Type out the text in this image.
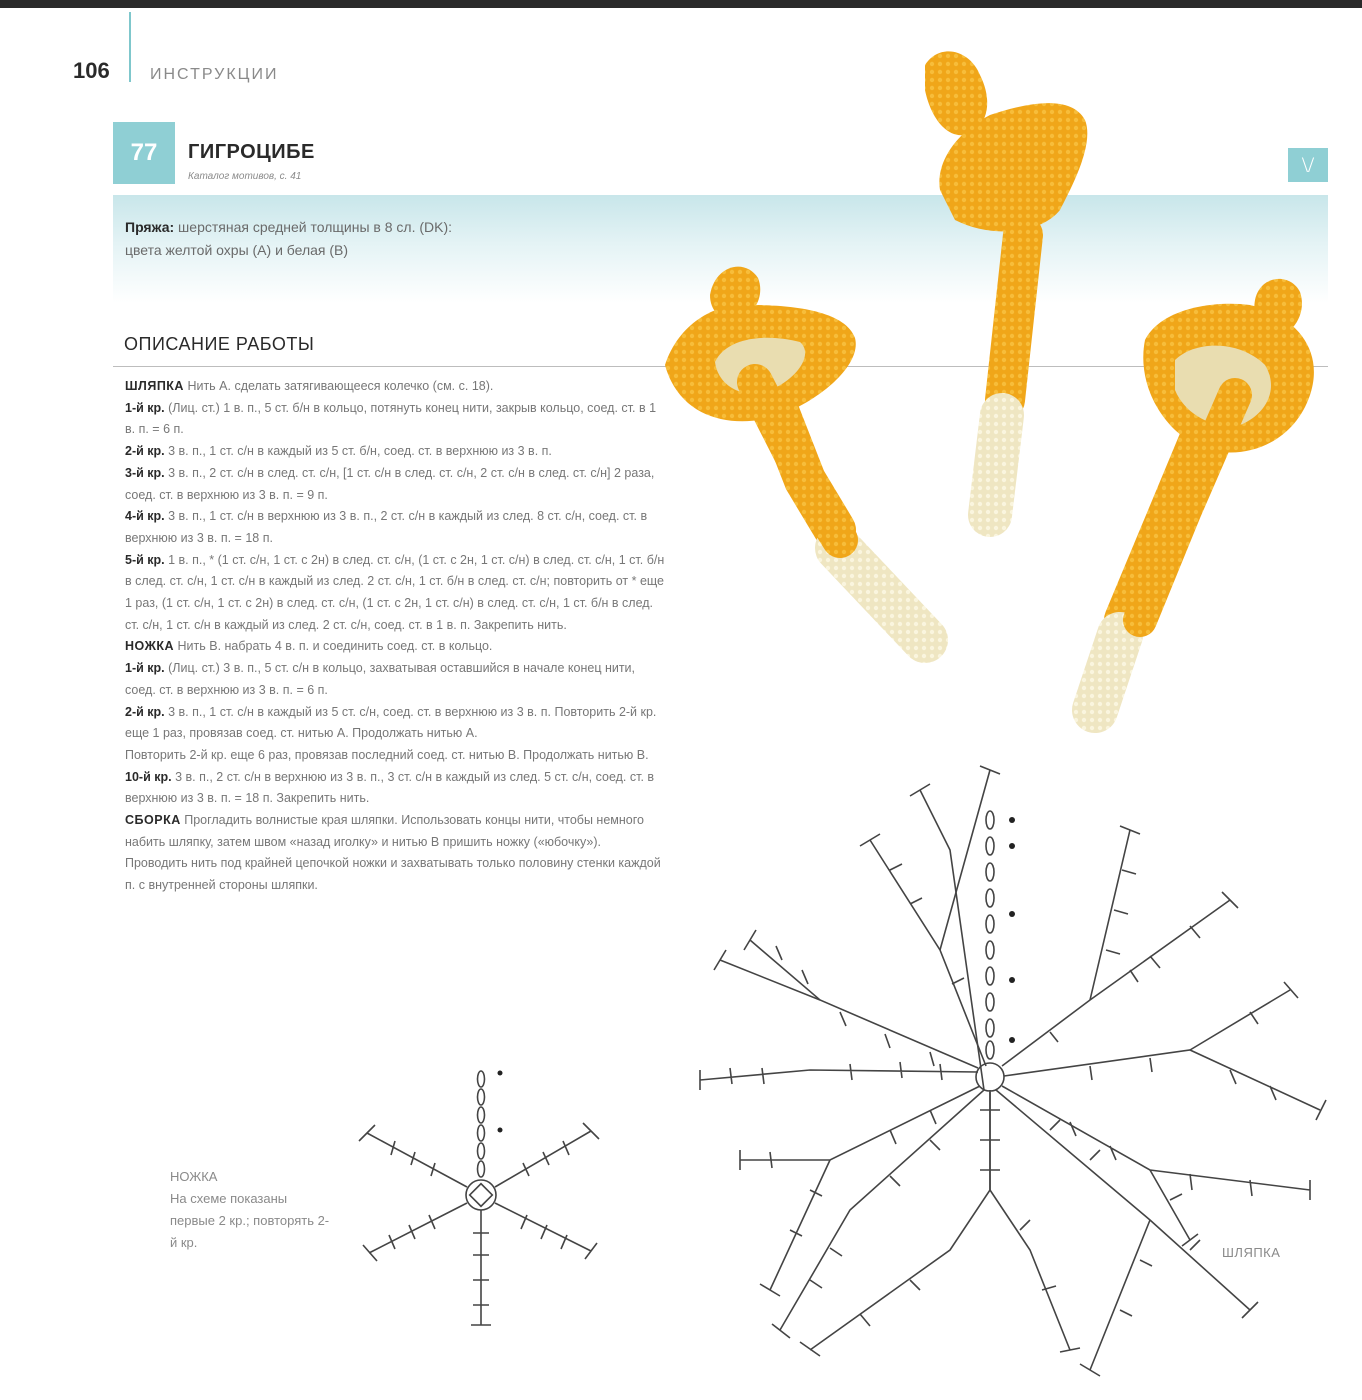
106	ИНСТРУКЦИИ
77	ГИГРОЦИБЕ
Каталог мотивов, с. 41	\/
Пряжа: шерстяная средней толщины в 8 сл. (DK):
цвета желтой охры (A) и белая (B)
ОПИСАНИЕ РАБОТЫ

ШЛЯПКА Нить A. сделать затягивающееся колечко (см. с. 18).

1-й кр. (Лиц. ст.) 1 в. п., 5 ст. б/н в кольцо, потянуть конец нити, закрыв кольцо, соед. ст. в 1 в. п. = 6 п.

2-й кр. 3 в. п., 1 ст. с/н в каждый из 5 ст. б/н, соед. ст. в верхнюю из 3 в. п.

3-й кр. 3 в. п., 2 ст. с/н в след. ст. с/н, [1 ст. с/н в след. ст. с/н, 2 ст. с/н в след. ст. с/н] 2 раза, соед. ст. в верхнюю из 3 в. п. = 9 п.

4-й кр. 3 в. п., 1 ст. с/н в верхнюю из 3 в. п., 2 ст. с/н в каждый из след. 8 ст. с/н, соед. ст. в верхнюю из 3 в. п. = 18 п.

5-й кр. 1 в. п., * (1 ст. с/н, 1 ст. с 2н) в след. ст. с/н, (1 ст. с 2н, 1 ст. с/н) в след. ст. с/н, 1 ст. б/н в след. ст. с/н, 1 ст. с/н в каждый из след. 2 ст. с/н, 1 ст. б/н в след. ст. с/н; повторить от * еще 1 раз, (1 ст. с/н, 1 ст. с 2н) в след. ст. с/н, (1 ст. с 2н, 1 ст. с/н) в след. ст. с/н, 1 ст. б/н в след. ст. с/н, 1 ст. с/н в каждый из след. 2 ст. с/н, соед. ст. в 1 в. п. Закрепить нить.

НОЖКА Нить B. набрать 4 в. п. и соединить соед. ст. в кольцо.

1-й кр. (Лиц. ст.) 3 в. п., 5 ст. с/н в кольцо, захватывая оставшийся в начале конец нити, соед. ст. в верхнюю из 3 в. п. = 6 п.

2-й кр. 3 в. п., 1 ст. с/н в каждый из 5 ст. с/н, соед. ст. в верхнюю из 3 в. п. Повторить 2-й кр. еще 1 раз, провязав соед. ст. нитью A. Продолжать нитью A.

Повторить 2-й кр. еще 6 раз, провязав последний соед. ст. нитью B. Продолжать нитью B.

10-й кр. 3 в. п., 2 ст. с/н в верхнюю из 3 в. п., 3 ст. с/н в каждый из след. 5 ст. с/н, соед. ст. в верхнюю из 3 в. п. = 18 п. Закрепить нить.

СБОРКА Прогладить волнистые края шляпки. Использовать концы нити, чтобы немного набить шляпку, затем швом «назад иголку» и нитью B пришить ножку («юбочку»). Проводить нить под крайней цепочкой ножки и захватывать только половину стенки каждой п. с внутренней стороны шляпки.

НОЖКА
На схеме показаны первые 2 кр.; повторять 2-й кр.
ШЛЯПКА
